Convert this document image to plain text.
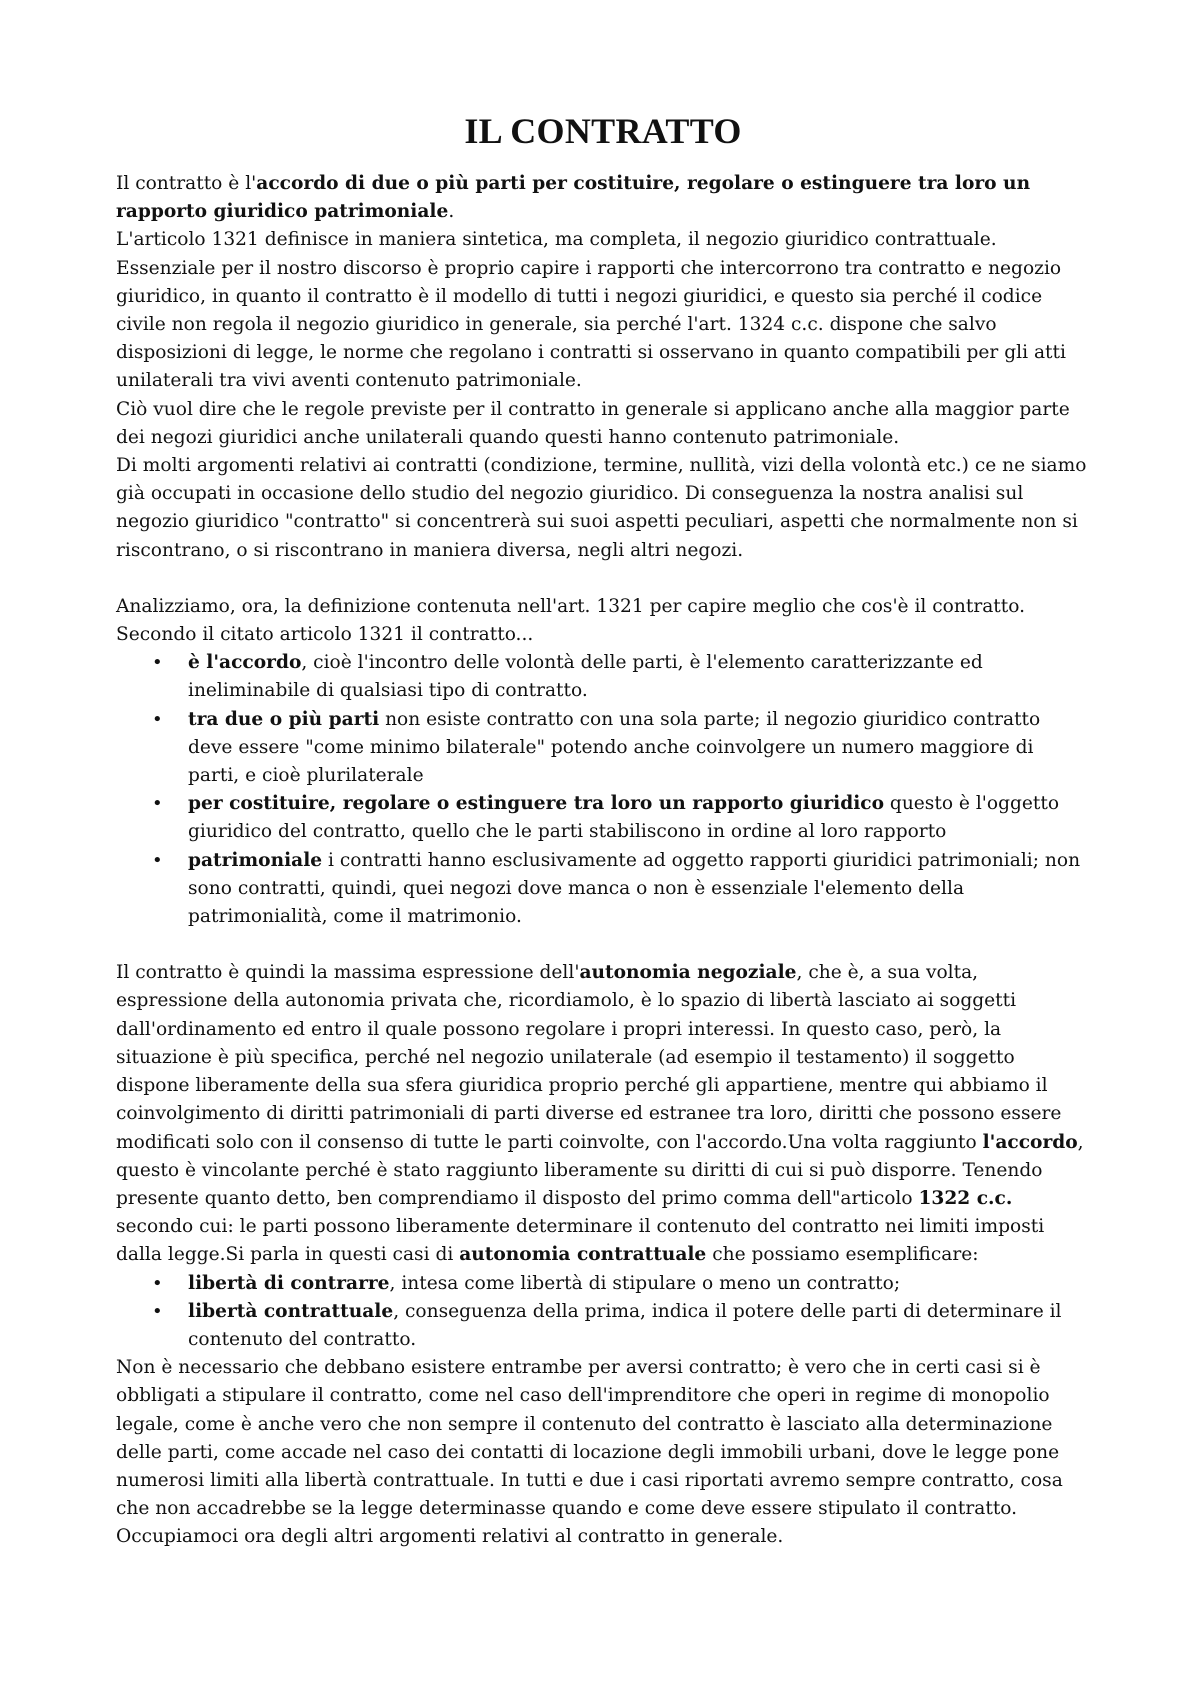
IL CONTRATTO

Il contratto è l'accordo di due o più parti per costituire, regolare o estinguere tra loro un rapporto giuridico patrimoniale.

L'articolo 1321 definisce in maniera sintetica, ma completa, il negozio giuridico contrattuale. Essenziale per il nostro discorso è proprio capire i rapporti che intercorrono tra contratto e negozio giuridico, in quanto il contratto è il modello di tutti i negozi giuridici, e questo sia perché il codice civile non regola il negozio giuridico in generale, sia perché l'art. 1324 c.c. dispone che salvo disposizioni di legge, le norme che regolano i contratti si osservano in quanto compatibili per gli atti unilaterali tra vivi aventi contenuto patrimoniale.

Ciò vuol dire che le regole previste per il contratto in generale si applicano anche alla maggior parte dei negozi giuridici anche unilaterali quando questi hanno contenuto patrimoniale.

Di molti argomenti relativi ai contratti (condizione, termine, nullità, vizi della volontà etc.) ce ne siamo già occupati in occasione dello studio del negozio giuridico. Di conseguenza la nostra analisi sul negozio giuridico "contratto" si concentrerà sui suoi aspetti peculiari, aspetti che normalmente non si riscontrano, o si riscontrano in maniera diversa, negli altri negozi.

Analizziamo, ora, la definizione contenuta nell'art. 1321 per capire meglio che cos'è il contratto. Secondo il citato articolo 1321 il contratto...

• è l'accordo, cioè l'incontro delle volontà delle parti, è l'elemento caratterizzante ed ineliminabile di qualsiasi tipo di contratto.
• tra due o più parti non esiste contratto con una sola parte; il negozio giuridico contratto deve essere "come minimo bilaterale" potendo anche coinvolgere un numero maggiore di parti, e cioè plurilaterale
• per costituire, regolare o estinguere tra loro un rapporto giuridico questo è l'oggetto giuridico del contratto, quello che le parti stabiliscono in ordine al loro rapporto
• patrimoniale i contratti hanno esclusivamente ad oggetto rapporti giuridici patrimoniali; non sono contratti, quindi, quei negozi dove manca o non è essenziale l'elemento della patrimonialità, come il matrimonio.

Il contratto è quindi la massima espressione dell'autonomia negoziale, che è, a sua volta, espressione della autonomia privata che, ricordiamolo, è lo spazio di libertà lasciato ai soggetti dall'ordinamento ed entro il quale possono regolare i propri interessi. In questo caso, però, la situazione è più specifica, perché nel negozio unilaterale (ad esempio il testamento) il soggetto dispone liberamente della sua sfera giuridica proprio perché gli appartiene, mentre qui abbiamo il coinvolgimento di diritti patrimoniali di parti diverse ed estranee tra loro, diritti che possono essere modificati solo con il consenso di tutte le parti coinvolte, con l'accordo.Una volta raggiunto l'accordo, questo è vincolante perché è stato raggiunto liberamente su diritti di cui si può disporre. Tenendo presente quanto detto, ben comprendiamo il disposto del primo comma dell"articolo 1322 c.c. secondo cui: le parti possono liberamente determinare il contenuto del contratto nei limiti imposti dalla legge.Si parla in questi casi di autonomia contrattuale che possiamo esemplificare:

• libertà di contrarre, intesa come libertà di stipulare o meno un contratto;
• libertà contrattuale, conseguenza della prima, indica il potere delle parti di determinare il contenuto del contratto.

Non è necessario che debbano esistere entrambe per aversi contratto; è vero che in certi casi si è obbligati a stipulare il contratto, come nel caso dell'imprenditore che operi in regime di monopolio legale, come è anche vero che non sempre il contenuto del contratto è lasciato alla determinazione delle parti, come accade nel caso dei contatti di locazione degli immobili urbani, dove le legge pone numerosi limiti alla libertà contrattuale. In tutti e due i casi riportati avremo sempre contratto, cosa che non accadrebbe se la legge determinasse quando e come deve essere stipulato il contratto. Occupiamoci ora degli altri argomenti relativi al contratto in generale.
